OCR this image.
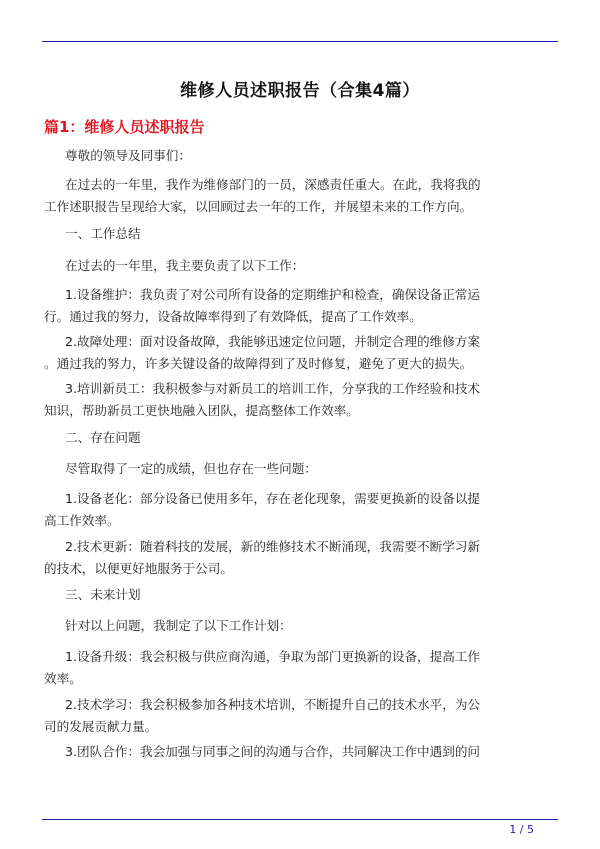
维修人员述职报告（合集4篇）
篇1：维修人员述职报告
尊敬的领导及同事们：
在过去的一年里，我作为维修部门的一员，深感责任重大。在此，我将我的
工作述职报告呈现给大家，以回顾过去一年的工作，并展望未来的工作方向。
一、工作总结
在过去的一年里，我主要负责了以下工作：
1.设备维护：我负责了对公司所有设备的定期维护和检查，确保设备正常运
行。通过我的努力，设备故障率得到了有效降低，提高了工作效率。
2.故障处理：面对设备故障，我能够迅速定位问题，并制定合理的维修方案
。通过我的努力，许多关键设备的故障得到了及时修复，避免了更大的损失。
3.培训新员工：我积极参与对新员工的培训工作，分享我的工作经验和技术
知识，帮助新员工更快地融入团队，提高整体工作效率。
二、存在问题
尽管取得了一定的成绩，但也存在一些问题：
1.设备老化：部分设备已使用多年，存在老化现象，需要更换新的设备以提
高工作效率。
2.技术更新：随着科技的发展，新的维修技术不断涌现，我需要不断学习新
的技术，以便更好地服务于公司。
三、未来计划
针对以上问题，我制定了以下工作计划：
1.设备升级：我会积极与供应商沟通，争取为部门更换新的设备，提高工作
效率。
2.技术学习：我会积极参加各种技术培训，不断提升自己的技术水平，为公
司的发展贡献力量。
3.团队合作：我会加强与同事之间的沟通与合作，共同解决工作中遇到的问
1 / 5
